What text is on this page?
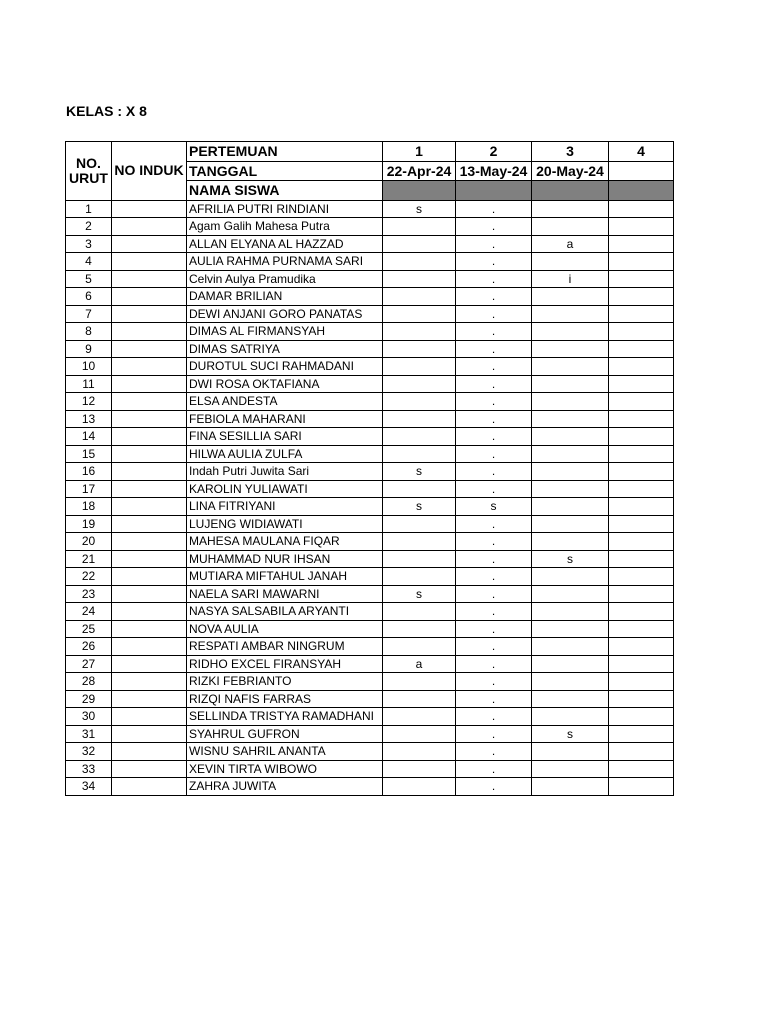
KELAS : X 8
NO. URUT	NO INDUK	PERTEMUAN	1	2	3	4
		TANGGAL	22-Apr-24	13-May-24	20-May-24	
		NAMA SISWA				
1		AFRILIA PUTRI RINDIANI	s	.		
2		Agam Galih Mahesa Putra		.		
3		ALLAN ELYANA AL HAZZAD		.	a	
4		AULIA RAHMA PURNAMA SARI		.		
5		Celvin Aulya Pramudika		.	i	
6		DAMAR BRILIAN		.		
7		DEWI ANJANI GORO PANATAS		.		
8		DIMAS AL FIRMANSYAH		.		
9		DIMAS SATRIYA		.		
10		DUROTUL SUCI RAHMADANI		.		
11		DWI ROSA OKTAFIANA		.		
12		ELSA ANDESTA		.		
13		FEBIOLA MAHARANI		.		
14		FINA SESILLIA SARI		.		
15		HILWA AULIA ZULFA		.		
16		Indah Putri Juwita Sari	s	.		
17		KAROLIN YULIAWATI		.		
18		LINA FITRIYANI	s	s		
19		LUJENG WIDIAWATI		.		
20		MAHESA MAULANA FIQAR		.		
21		MUHAMMAD NUR IHSAN		.	s	
22		MUTIARA MIFTAHUL JANAH		.		
23		NAELA SARI MAWARNI	s	.		
24		NASYA SALSABILA ARYANTI		.		
25		NOVA AULIA		.		
26		RESPATI AMBAR NINGRUM		.		
27		RIDHO EXCEL FIRANSYAH	a	.		
28		RIZKI FEBRIANTO		.		
29		RIZQI NAFIS FARRAS		.		
30		SELLINDA TRISTYA RAMADHANI		.		
31		SYAHRUL GUFRON		.	s	
32		WISNU SAHRIL ANANTA		.		
33		XEVIN TIRTA WIBOWO		.		
34		ZAHRA JUWITA		.		
